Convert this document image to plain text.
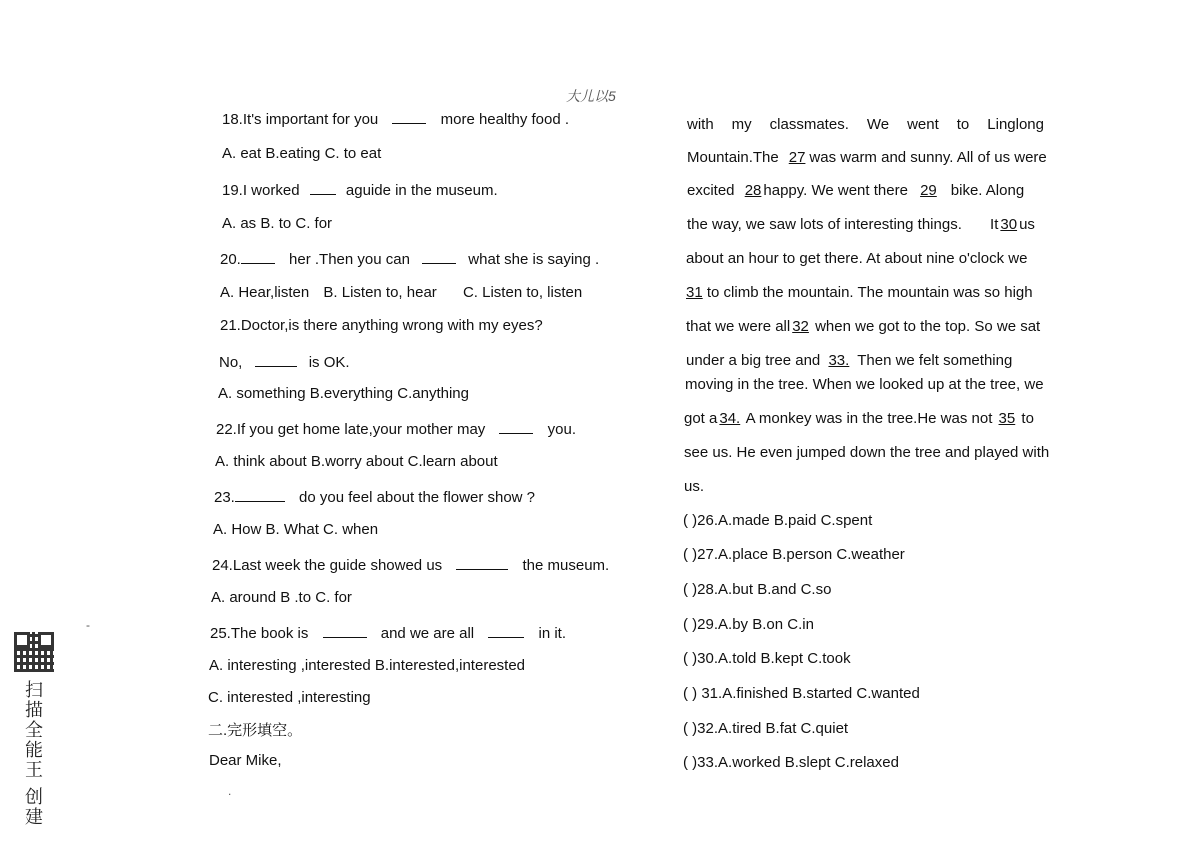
大儿以5
18.It's important for you	more healthy food .
A. eat B.eating C. to eat
19.I worked	aguide in the museum.
A. as B. to C. for
20.	her .Then you can	what she is saying .
A. Hear,listen B. Listen to, hear C. Listen to, listen
21.Doctor,is there anything wrong with my eyes?
No,	is OK.
A. something B.everything C.anything
22.If you get home late,your mother may	you.
A. think about B.worry about C.learn about
23.	do you feel about the flower show ?
A. How B. What C. when
24.Last week the guide showed us	the museum.
A. around B .to C. for
25.The book is	and we are all	in it.
A. interesting ,interested B.interested,interested
C. interested ,interesting
二.完形填空。
Dear Mike,
with my classmates. We went to Linglong
Mountain.The 27 was warm and sunny. All of us were
excited 28 happy. We went there 29 bike. Along
the way, we saw lots of interesting things. It 30 us
about an hour to get there. At about nine o'clock we
31 to climb the mountain. The mountain was so high
that we were all 32 when we got to the top. So we sat
under a big tree and 33. Then we felt something
moving in the tree. When we looked up at the tree, we
got a 34. A monkey was in the tree.He was not 35 to
see us. He even jumped down the tree and played with
us.
( )26.A.made B.paid C.spent
( )27.A.place B.person C.weather
( )28.A.but B.and C.so
( )29.A.by B.on C.in
( )30.A.told B.kept C.took
( ) 31.A.finished B.started C.wanted
( )32.A.tired B.fat C.quiet
( )33.A.worked B.slept C.relaxed
扫描全能王 创建
-
.
